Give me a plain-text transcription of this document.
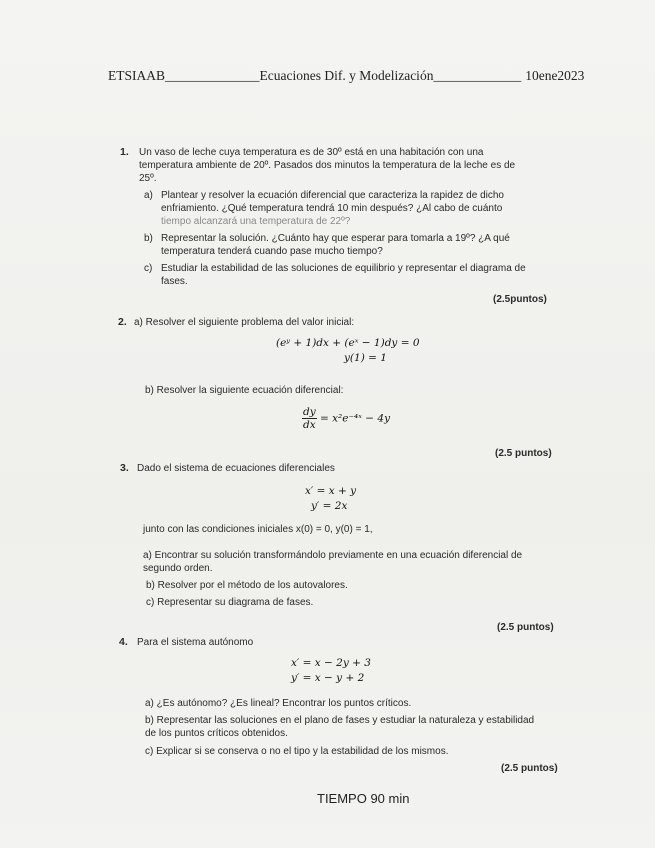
ETSIAAB______________Ecuaciones Dif. y Modelización_____________ 10ene2023
1. Un vaso de leche cuya temperatura es de 30º está en una habitación con una
temperatura ambiente de 20º. Pasados dos minutos la temperatura de la leche es de
25º.
a) Plantear y resolver la ecuación diferencial que caracteriza la rapidez de dicho
enfriamiento. ¿Qué temperatura tendrá 10 min después? ¿Al cabo de cuánto
tiempo alcanzará una temperatura de 22º?
b) Representar la solución. ¿Cuánto hay que esperar para tomarla a 19º? ¿A qué
temperatura tenderá cuando pase mucho tiempo?
c) Estudiar la estabilidad de las soluciones de equilibrio y representar el diagrama de
fases.
(2.5puntos)
2. a) Resolver el siguiente problema del valor inicial:
(eʸ + 1)dx + (eˣ − 1)dy = 0
y(1) = 1
b) Resolver la siguiente ecuación diferencial:
$\frac{dy}{dx}$ = x²e⁻⁴ˣ − 4y
(2.5 puntos)
3. Dado el sistema de ecuaciones diferenciales
x′ = x + y
y′ = 2x
junto con las condiciones iniciales x(0) = 0, y(0) = 1,
a) Encontrar su solución transformándolo previamente en una ecuación diferencial de
segundo orden.
b) Resolver por el método de los autovalores.
c) Representar su diagrama de fases.
(2.5 puntos)
4. Para el sistema autónomo
x′ = x − 2y + 3
y′ = x − y + 2
a) ¿Es autónomo? ¿Es lineal? Encontrar los puntos críticos.
b) Representar las soluciones en el plano de fases y estudiar la naturaleza y estabilidad
de los puntos críticos obtenidos.
c) Explicar si se conserva o no el tipo y la estabilidad de los mismos.
(2.5 puntos)
TIEMPO 90 min
